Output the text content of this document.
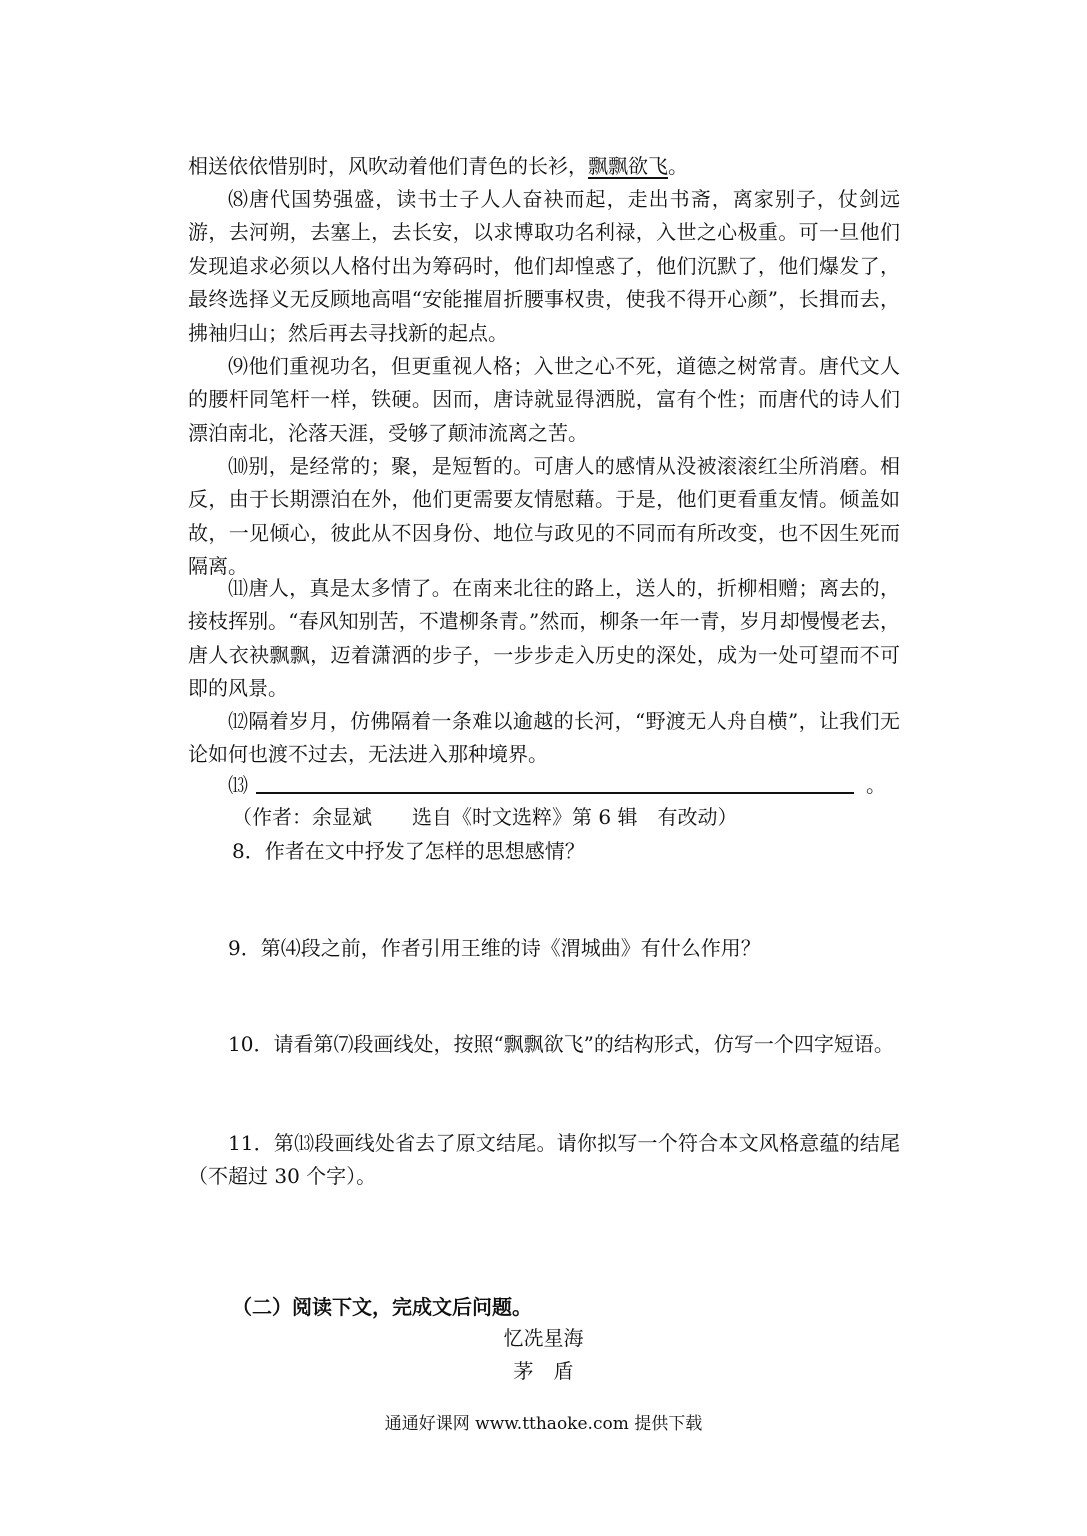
相送依依惜别时，风吹动着他们青色的长衫，飘飘欲飞。

⑻唐代国势强盛，读书士子人人奋袂而起，走出书斋，离家别子，仗剑远游，去河朔，去塞上，去长安，以求博取功名利禄，入世之心极重。可一旦他们发现追求必须以人格付出为筹码时，他们却惶惑了，他们沉默了，他们爆发了，最终选择义无反顾地高唱“安能摧眉折腰事权贵，使我不得开心颜”，长揖而去，拂袖归山；然后再去寻找新的起点。

⑼他们重视功名，但更重视人格；入世之心不死，道德之树常青。唐代文人的腰杆同笔杆一样，铁硬。因而，唐诗就显得洒脱，富有个性；而唐代的诗人们漂泊南北，沦落天涯，受够了颠沛流离之苦。

⑽别，是经常的；聚，是短暂的。可唐人的感情从没被滚滚红尘所消磨。相反，由于长期漂泊在外，他们更需要友情慰藉。于是，他们更看重友情。倾盖如故，一见倾心，彼此从不因身份、地位与政见的不同而有所改变，也不因生死而隔离。

⑾唐人，真是太多情了。在南来北往的路上，送人的，折柳相赠；离去的，接枝挥别。“春风知别苦，不遣柳条青。”然而，柳条一年一青，岁月却慢慢老去，唐人衣袂飘飘，迈着潇洒的步子，一步步走入历史的深处，成为一处可望而不可即的风景。

⑿隔着岁月，仿佛隔着一条难以逾越的长河，“野渡无人舟自横”，让我们无论如何也渡不过去，无法进入那种境界。

⒀	。
（作者：余显斌　　选自《时文选粹》第 6 辑　有改动）

8．作者在文中抒发了怎样的思想感情？

9．第⑷段之前，作者引用王维的诗《渭城曲》有什么作用？

10．请看第⑺段画线处，按照“飘飘欲飞”的结构形式，仿写一个四字短语。

11．第⒀段画线处省去了原文结尾。请你拟写一个符合本文风格意蕴的结尾（不超过 30 个字）。

（二）阅读下文，完成文后问题。
忆冼星海
茅　盾
通通好课网 www.tthaoke.com 提供下载
